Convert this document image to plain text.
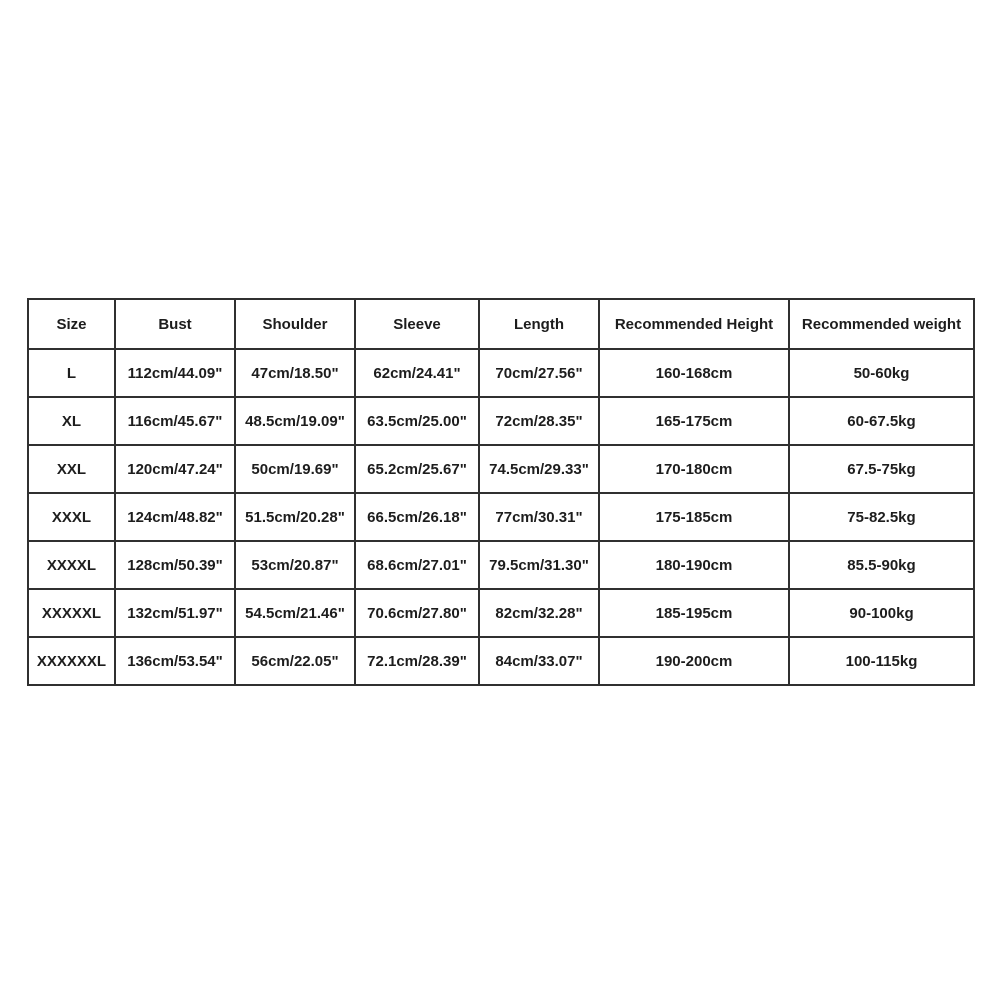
Size	Bust	Shoulder	Sleeve	Length	Recommended Height	Recommended weight
L	112cm/44.09"	47cm/18.50"	62cm/24.41"	70cm/27.56"	160-168cm	50-60kg
XL	116cm/45.67"	48.5cm/19.09"	63.5cm/25.00"	72cm/28.35"	165-175cm	60-67.5kg
XXL	120cm/47.24"	50cm/19.69"	65.2cm/25.67"	74.5cm/29.33"	170-180cm	67.5-75kg
XXXL	124cm/48.82"	51.5cm/20.28"	66.5cm/26.18"	77cm/30.31"	175-185cm	75-82.5kg
XXXXL	128cm/50.39"	53cm/20.87"	68.6cm/27.01"	79.5cm/31.30"	180-190cm	85.5-90kg
XXXXXL	132cm/51.97"	54.5cm/21.46"	70.6cm/27.80"	82cm/32.28"	185-195cm	90-100kg
XXXXXXL	136cm/53.54"	56cm/22.05"	72.1cm/28.39"	84cm/33.07"	190-200cm	100-115kg
